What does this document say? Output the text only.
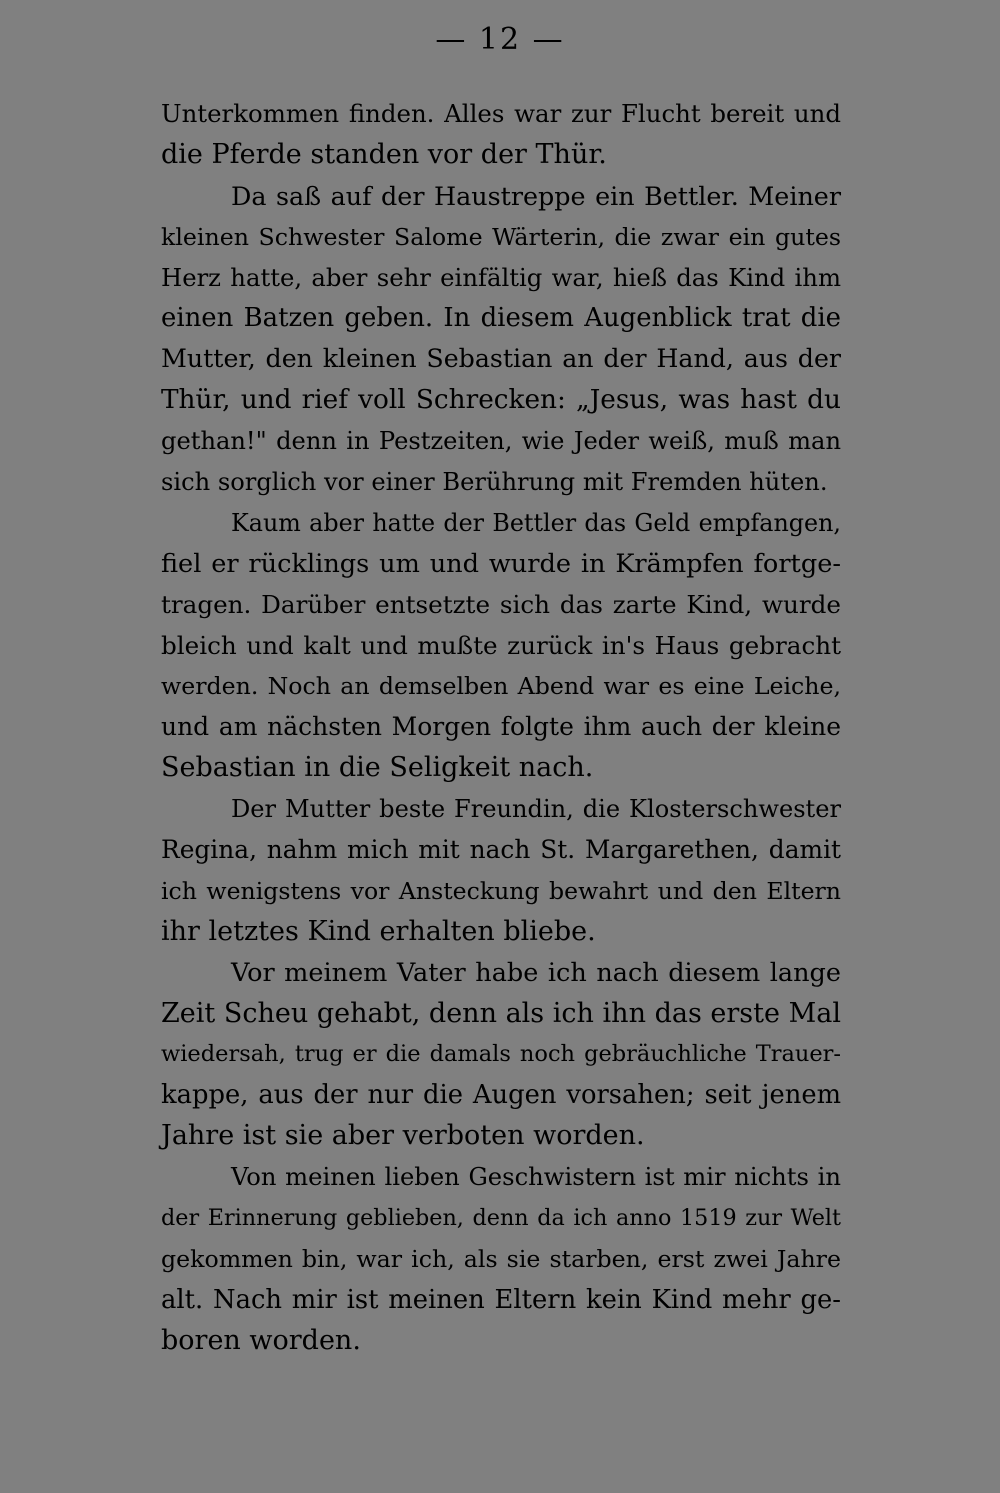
— 12 —
Unterkommen finden. Alles war zur Flucht bereit und
die Pferde standen vor der Thür.
Da saß auf der Haustreppe ein Bettler. Meiner
kleinen Schwester Salome Wärterin, die zwar ein gutes
Herz hatte, aber sehr einfältig war, hieß das Kind ihm
einen Batzen geben. In diesem Augenblick trat die
Mutter, den kleinen Sebastian an der Hand, aus der
Thür, und rief voll Schrecken: „Jesus, was hast du
gethan!" denn in Pestzeiten, wie Jeder weiß, muß man
sich sorglich vor einer Berührung mit Fremden hüten.
Kaum aber hatte der Bettler das Geld empfangen,
fiel er rücklings um und wurde in Krämpfen fortge-
tragen. Darüber entsetzte sich das zarte Kind, wurde
bleich und kalt und mußte zurück in's Haus gebracht
werden. Noch an demselben Abend war es eine Leiche,
und am nächsten Morgen folgte ihm auch der kleine
Sebastian in die Seligkeit nach.
Der Mutter beste Freundin, die Klosterschwester
Regina, nahm mich mit nach St. Margarethen, damit
ich wenigstens vor Ansteckung bewahrt und den Eltern
ihr letztes Kind erhalten bliebe.
Vor meinem Vater habe ich nach diesem lange
Zeit Scheu gehabt, denn als ich ihn das erste Mal
wiedersah, trug er die damals noch gebräuchliche Trauer-
kappe, aus der nur die Augen vorsahen; seit jenem
Jahre ist sie aber verboten worden.
Von meinen lieben Geschwistern ist mir nichts in
der Erinnerung geblieben, denn da ich anno 1519 zur Welt
gekommen bin, war ich, als sie starben, erst zwei Jahre
alt. Nach mir ist meinen Eltern kein Kind mehr ge-
boren worden.
